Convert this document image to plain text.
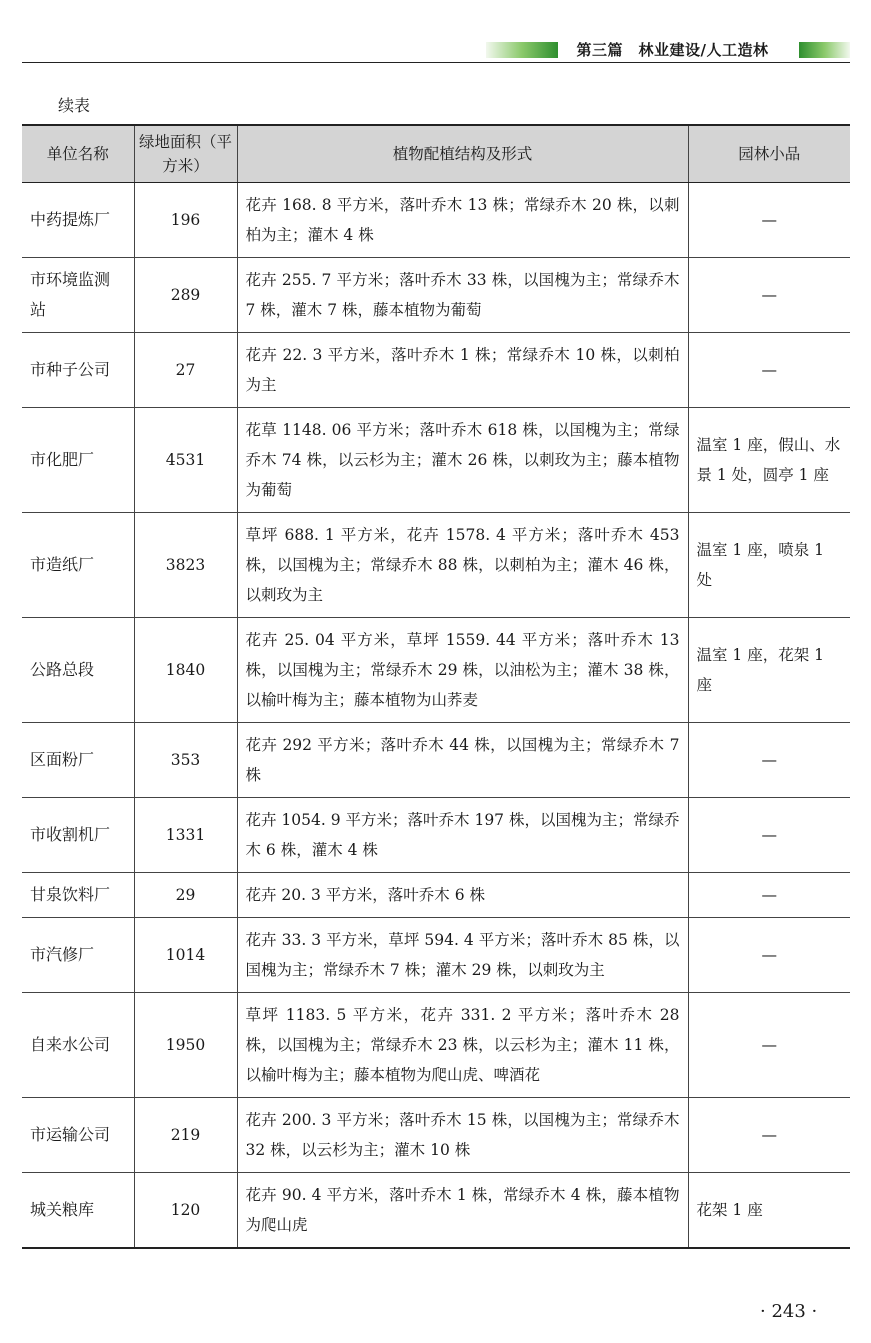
第三篇　林业建设/人工造林
续表
单位名称	绿地面积（平方米）	植物配植结构及形式	园林小品
中药提炼厂	196	花卉 168. 8 平方米，落叶乔木 13 株；常绿乔木 20 株，以刺柏为主；灌木 4 株	—
市环境监测站	289	花卉 255. 7 平方米；落叶乔木 33 株，以国槐为主；常绿乔木 7 株，灌木 7 株，藤本植物为葡萄	—
市种子公司	27	花卉 22. 3 平方米，落叶乔木 1 株；常绿乔木 10 株，以刺柏为主	—
市化肥厂	4531	花草 1148. 06 平方米；落叶乔木 618 株，以国槐为主；常绿乔木 74 株，以云杉为主；灌木 26 株，以刺玫为主；藤本植物为葡萄	温室 1 座，假山、水景 1 处，圆亭 1 座
市造纸厂	3823	草坪 688. 1 平方米，花卉 1578. 4 平方米；落叶乔木 453 株，以国槐为主；常绿乔木 88 株，以刺柏为主；灌木 46 株，以刺玫为主	温室 1 座，喷泉 1 处
公路总段	1840	花卉 25. 04 平方米，草坪 1559. 44 平方米；落叶乔木 13 株，以国槐为主；常绿乔木 29 株，以油松为主；灌木 38 株，以榆叶梅为主；藤本植物为山荞麦	温室 1 座，花架 1 座
区面粉厂	353	花卉 292 平方米；落叶乔木 44 株，以国槐为主；常绿乔木 7 株	—
市收割机厂	1331	花卉 1054. 9 平方米；落叶乔木 197 株，以国槐为主；常绿乔木 6 株，灌木 4 株	—
甘泉饮料厂	29	花卉 20. 3 平方米，落叶乔木 6 株	—
市汽修厂	1014	花卉 33. 3 平方米，草坪 594. 4 平方米；落叶乔木 85 株，以国槐为主；常绿乔木 7 株；灌木 29 株，以刺玫为主	—
自来水公司	1950	草坪 1183. 5 平方米，花卉 331. 2 平方米；落叶乔木 28 株，以国槐为主；常绿乔木 23 株，以云杉为主；灌木 11 株，以榆叶梅为主；藤本植物为爬山虎、啤酒花	—
市运输公司	219	花卉 200. 3 平方米；落叶乔木 15 株，以国槐为主；常绿乔木 32 株，以云杉为主；灌木 10 株	—
城关粮库	120	花卉 90. 4 平方米，落叶乔木 1 株，常绿乔木 4 株，藤本植物为爬山虎	花架 1 座
· 243 ·
